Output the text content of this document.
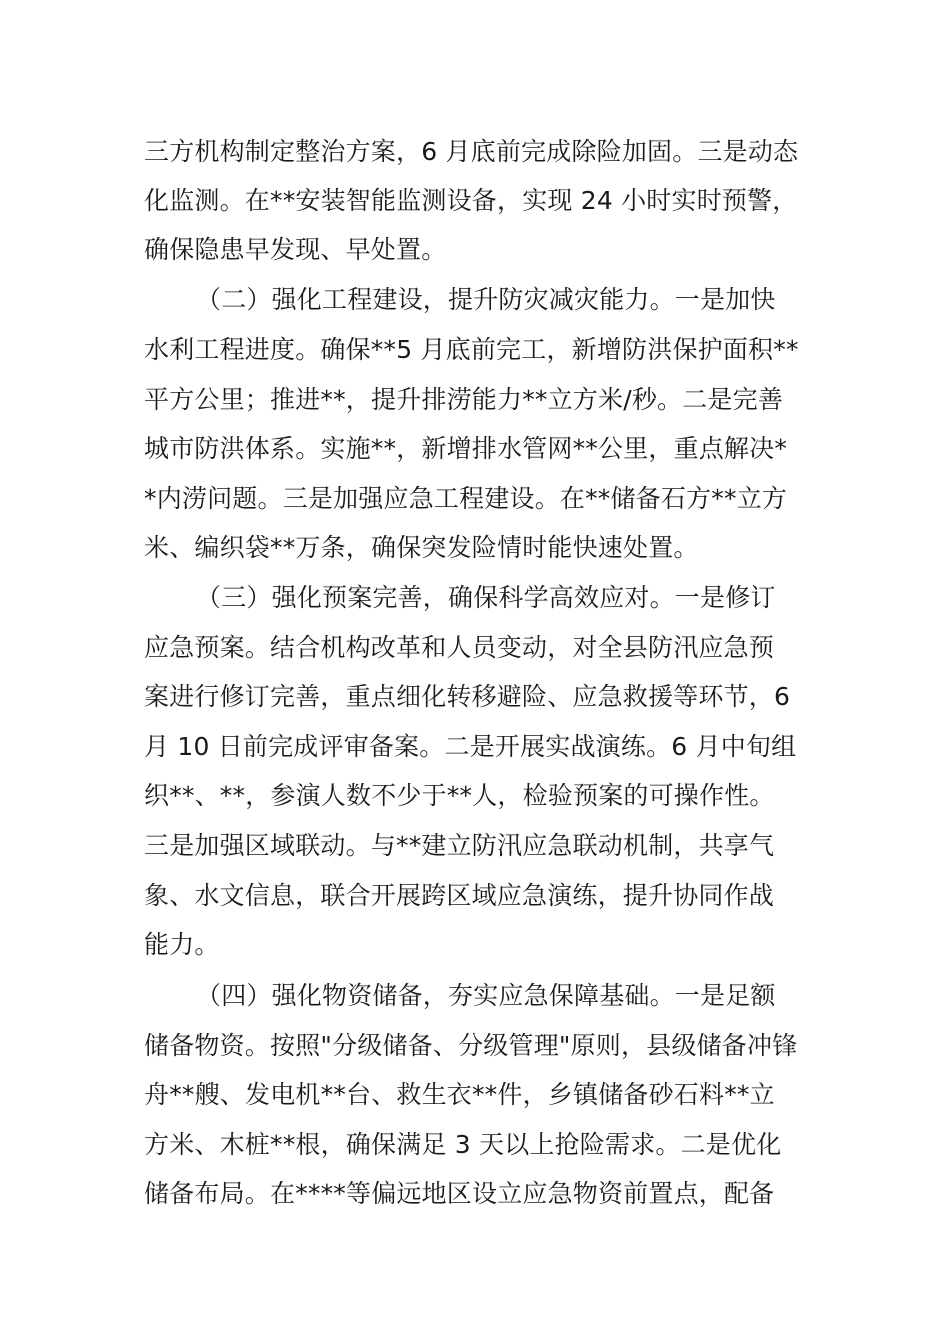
三方机构制定整治方案，6 月底前完成除险加固。三是动态

化监测。在**安装智能监测设备，实现 24 小时实时预警，

确保隐患早发现、早处置。

（二）强化工程建设，提升防灾减灾能力。一是加快

水利工程进度。确保**5 月底前完工，新增防洪保护面积**

平方公里；推进**，提升排涝能力**立方米/秒。二是完善

城市防洪体系。实施**，新增排水管网**公里，重点解决*

*内涝问题。三是加强应急工程建设。在**储备石方**立方

米、编织袋**万条，确保突发险情时能快速处置。

（三）强化预案完善，确保科学高效应对。一是修订

应急预案。结合机构改革和人员变动，对全县防汛应急预

案进行修订完善，重点细化转移避险、应急救援等环节，6

月 10 日前完成评审备案。二是开展实战演练。6 月中旬组

织**、**，参演人数不少于**人，检验预案的可操作性。

三是加强区域联动。与**建立防汛应急联动机制，共享气

象、水文信息，联合开展跨区域应急演练，提升协同作战

能力。

（四）强化物资储备，夯实应急保障基础。一是足额

储备物资。按照"分级储备、分级管理"原则，县级储备冲锋

舟**艘、发电机**台、救生衣**件，乡镇储备砂石料**立

方米、木桩**根，确保满足 3 天以上抢险需求。二是优化

储备布局。在****等偏远地区设立应急物资前置点，配备
